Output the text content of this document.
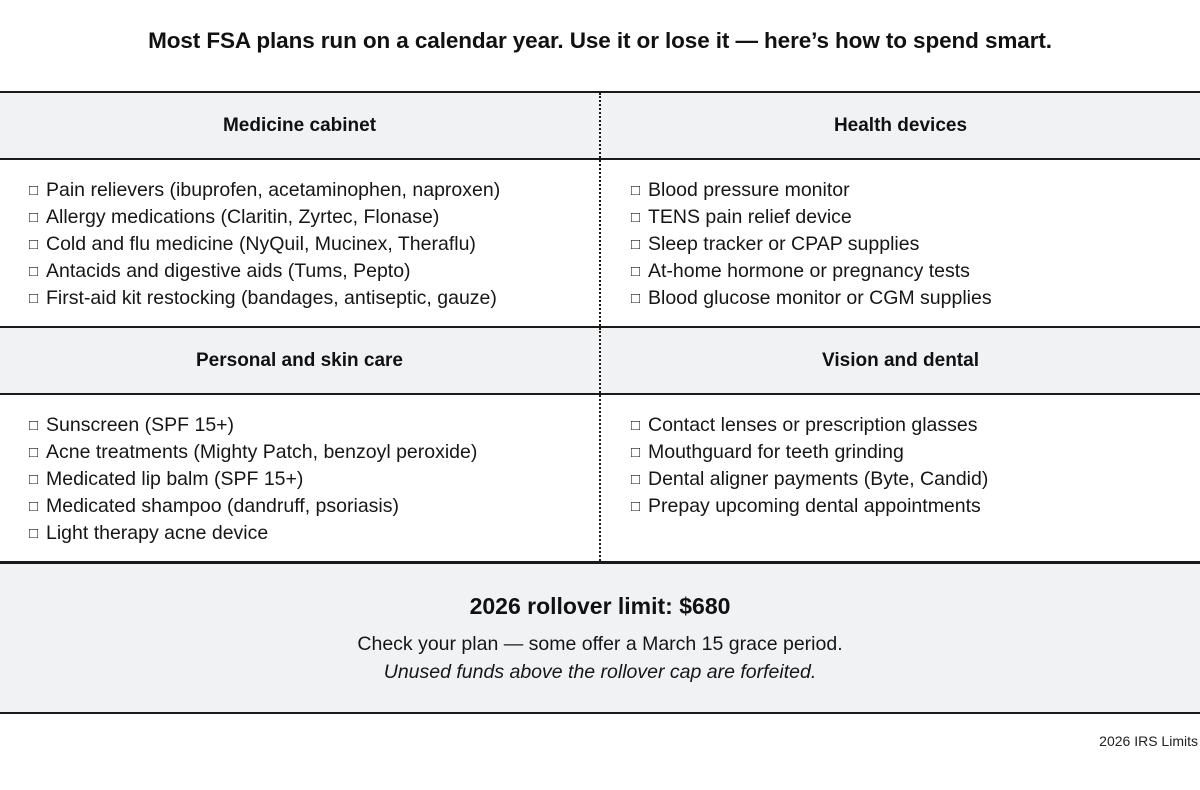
Most FSA plans run on a calendar year. Use it or lose it — here’s how to spend smart.
Medicine cabinet	Health devices
□ Pain relievers (ibuprofen, acetaminophen, naproxen)
□ Allergy medications (Claritin, Zyrtec, Flonase)
□ Cold and flu medicine (NyQuil, Mucinex, Theraflu)
□ Antacids and digestive aids (Tums, Pepto)
□ First-aid kit restocking (bandages, antiseptic, gauze)
□ Blood pressure monitor
□ TENS pain relief device
□ Sleep tracker or CPAP supplies
□ At-home hormone or pregnancy tests
□ Blood glucose monitor or CGM supplies
Personal and skin care	Vision and dental
□ Sunscreen (SPF 15+)
□ Acne treatments (Mighty Patch, benzoyl peroxide)
□ Medicated lip balm (SPF 15+)
□ Medicated shampoo (dandruff, psoriasis)
□ Light therapy acne device
□ Contact lenses or prescription glasses
□ Mouthguard for teeth grinding
□ Dental aligner payments (Byte, Candid)
□ Prepay upcoming dental appointments
2026 rollover limit: $680
Check your plan — some offer a March 15 grace period.
Unused funds above the rollover cap are forfeited.
2026 IRS Limits
